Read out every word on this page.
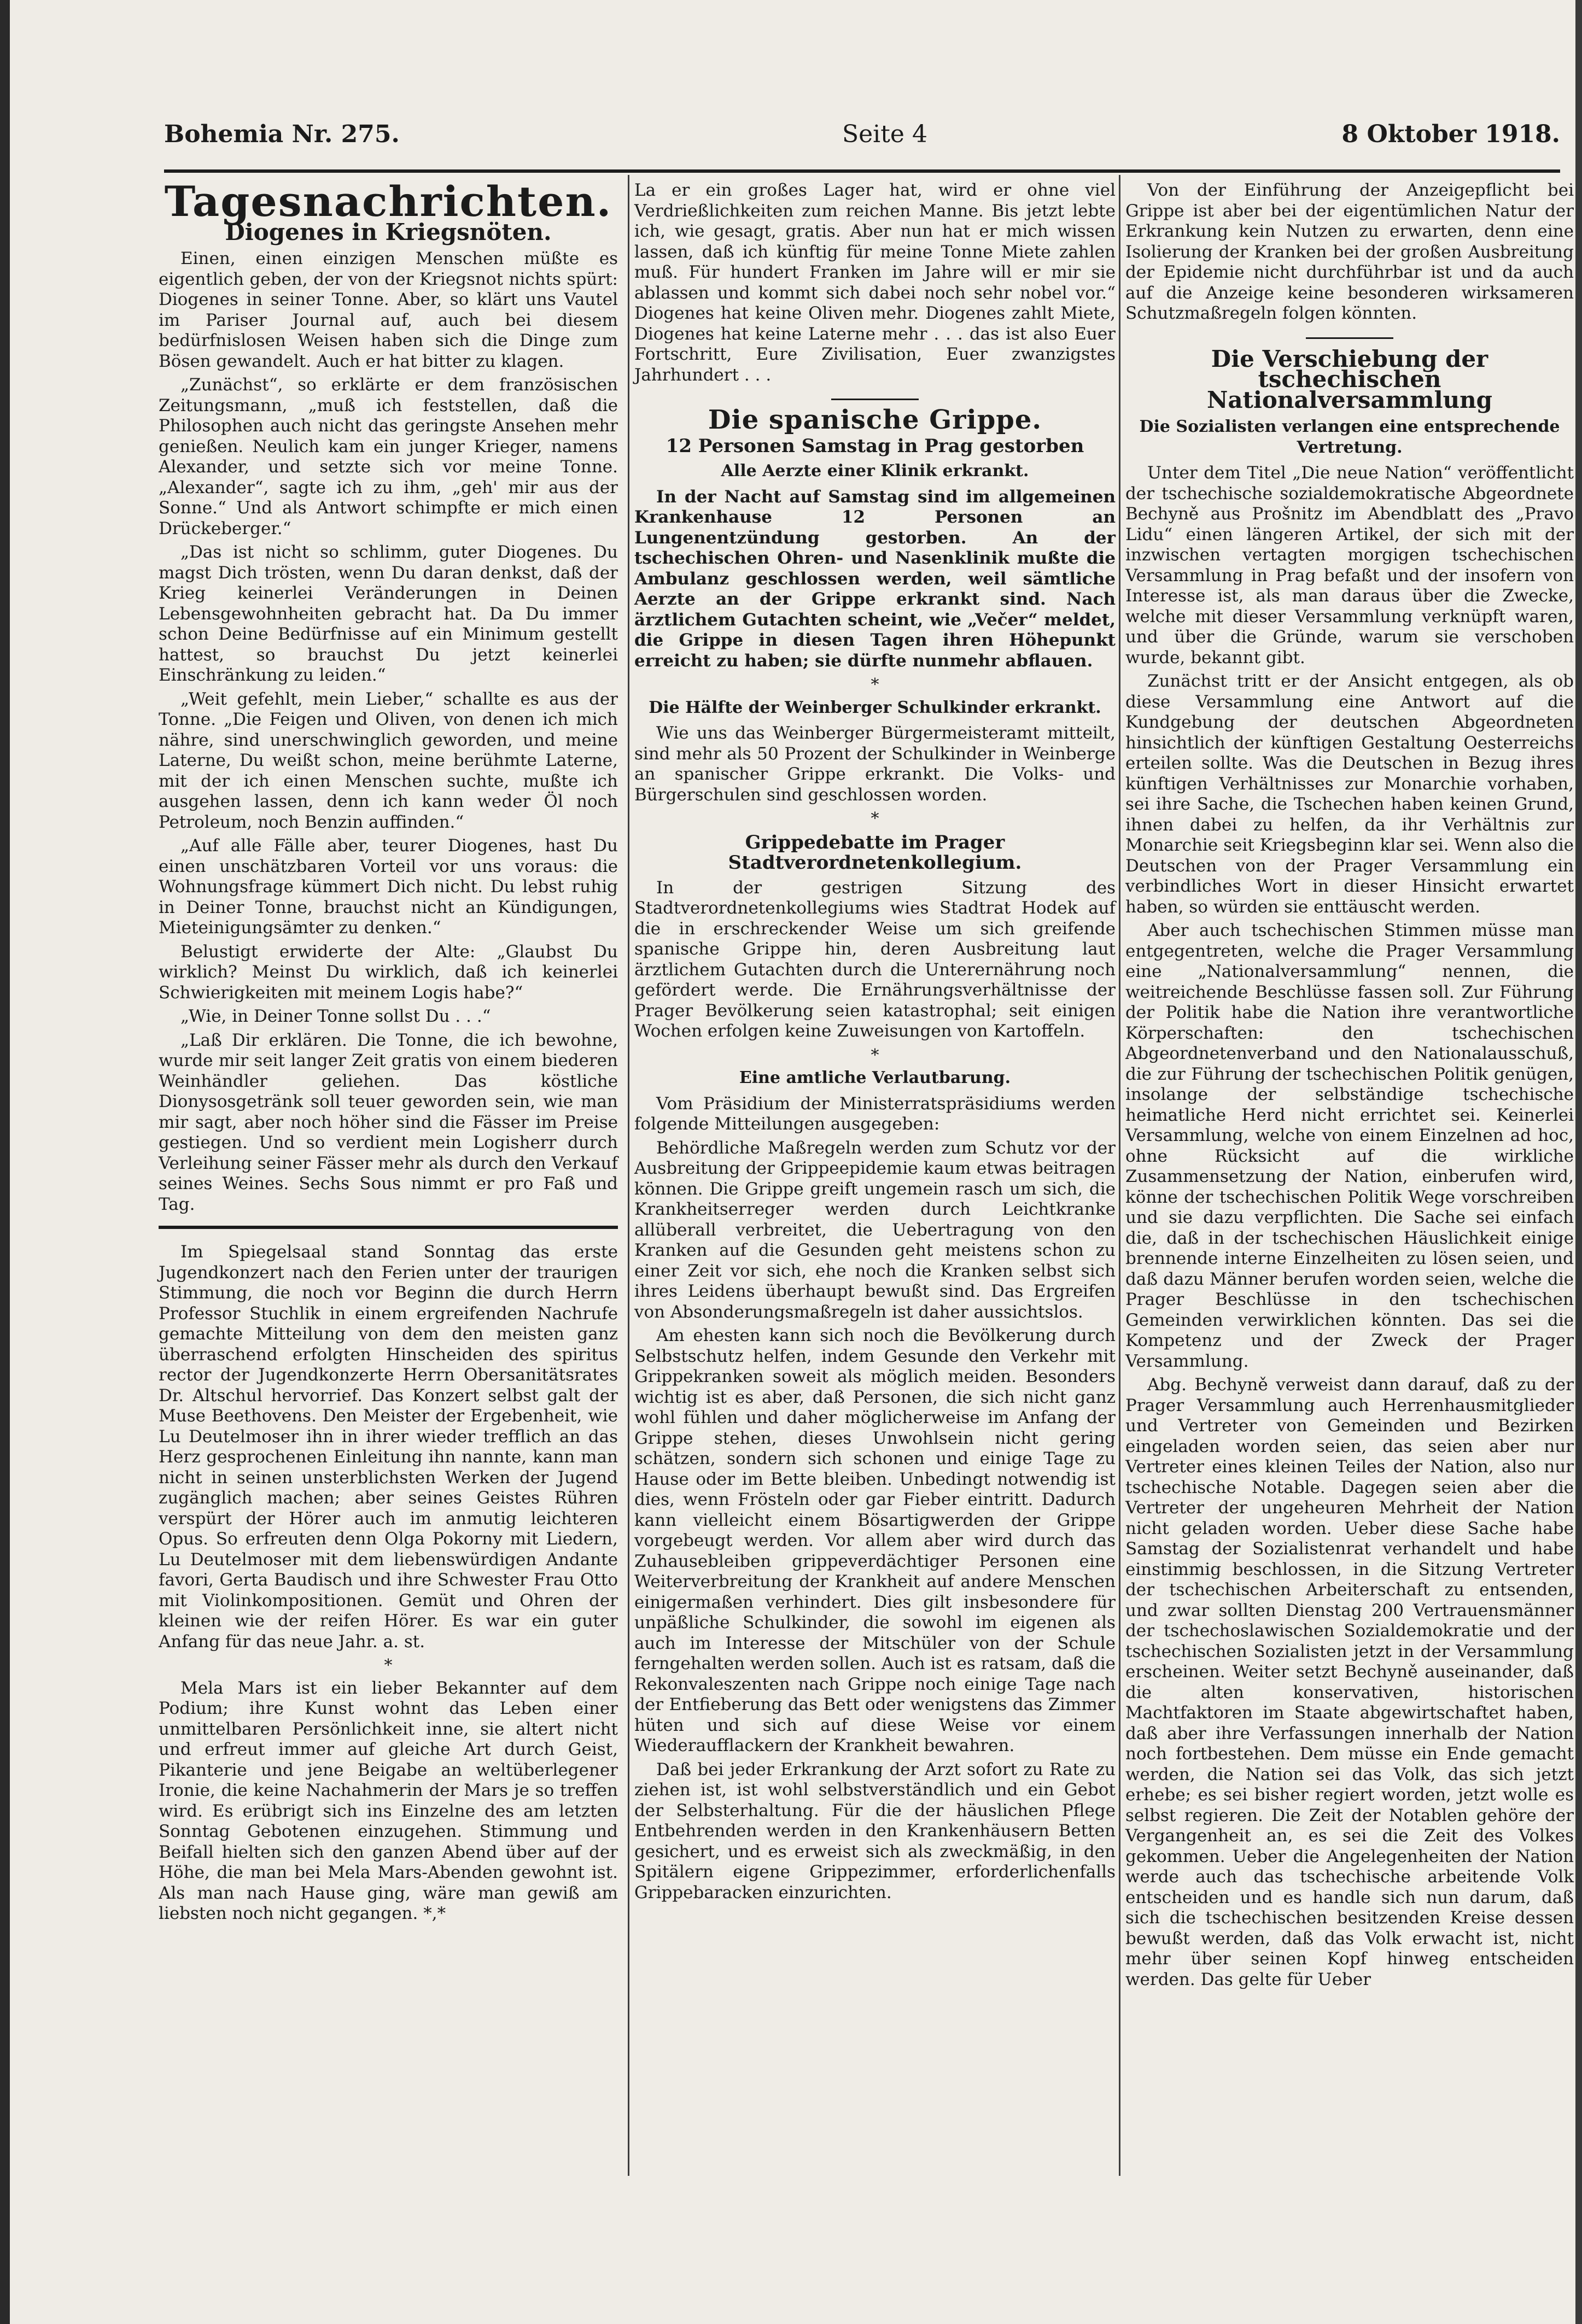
Bohemia Nr. 275.	Seite 4	8 Oktober 1918.
Tagesnachrichten.
Diogenes in Kriegsnöten.

Einen, einen einzigen Menschen müßte es eigentlich geben, der von der Kriegsnot nichts spürt: Diogenes in seiner Tonne. Aber, so klärt uns Vautel im Pariser Journal auf, auch bei diesem bedürfnislosen Weisen haben sich die Dinge zum Bösen gewandelt. Auch er hat bitter zu klagen.

„Zunächst“, so erklärte er dem französischen Zeitungsmann, „muß ich feststellen, daß die Philosophen auch nicht das geringste Ansehen mehr genießen. Neulich kam ein junger Krieger, namens Alexander, und setzte sich vor meine Tonne. „Alexander“, sagte ich zu ihm, „geh' mir aus der Sonne.“ Und als Antwort schimpfte er mich einen Drückeberger.“

„Das ist nicht so schlimm, guter Diogenes. Du magst Dich trösten, wenn Du daran denkst, daß der Krieg keinerlei Veränderungen in Deinen Lebensgewohnheiten gebracht hat. Da Du immer schon Deine Bedürfnisse auf ein Minimum gestellt hattest, so brauchst Du jetzt keinerlei Einschränkung zu leiden.“

„Weit gefehlt, mein Lieber,“ schallte es aus der Tonne. „Die Feigen und Oliven, von denen ich mich nähre, sind unerschwinglich geworden, und meine Laterne, Du weißt schon, meine berühmte Laterne, mit der ich einen Menschen suchte, mußte ich ausgehen lassen, denn ich kann weder Öl noch Petroleum, noch Benzin auffinden.“

„Auf alle Fälle aber, teurer Diogenes, hast Du einen unschätzbaren Vorteil vor uns voraus: die Wohnungsfrage kümmert Dich nicht. Du lebst ruhig in Deiner Tonne, brauchst nicht an Kündigungen, Mieteinigungsämter zu denken.“

Belustigt erwiderte der Alte: „Glaubst Du wirklich? Meinst Du wirklich, daß ich keinerlei Schwierigkeiten mit meinem Logis habe?“

„Wie, in Deiner Tonne sollst Du . . .“

„Laß Dir erklären. Die Tonne, die ich bewohne, wurde mir seit langer Zeit gratis von einem biederen Weinhändler geliehen. Das köstliche Dionysosgetränk soll teuer geworden sein, wie man mir sagt, aber noch höher sind die Fässer im Preise gestiegen. Und so verdient mein Logisherr durch Verleihung seiner Fässer mehr als durch den Verkauf seines Weines. Sechs Sous nimmt er pro Faß und Tag.

Im Spiegelsaal stand Sonntag das erste Jugendkonzert nach den Ferien unter der traurigen Stimmung, die noch vor Beginn die durch Herrn Professor Stuchlik in einem ergreifenden Nachrufe gemachte Mitteilung von dem den meisten ganz überraschend erfolgten Hinscheiden des spiritus rector der Jugendkonzerte Herrn Obersanitätsrates Dr. Altschul hervorrief. Das Konzert selbst galt der Muse Beethovens. Den Meister der Ergebenheit, wie Lu Deutelmoser ihn in ihrer wieder trefflich an das Herz gesprochenen Einleitung ihn nannte, kann man nicht in seinen unsterblichsten Werken der Jugend zugänglich machen; aber seines Geistes Rühren verspürt der Hörer auch im anmutig leichteren Opus. So erfreuten denn Olga Pokorny mit Liedern, Lu Deutelmoser mit dem liebenswürdigen Andante favori, Gerta Baudisch und ihre Schwester Frau Otto mit Violinkompositionen. Gemüt und Ohren der kleinen wie der reifen Hörer. Es war ein guter Anfang für das neue Jahr. a. st.

*

Mela Mars ist ein lieber Bekannter auf dem Podium; ihre Kunst wohnt das Leben einer unmittelbaren Persönlichkeit inne, sie altert nicht und erfreut immer auf gleiche Art durch Geist, Pikanterie und jene Beigabe an weltüberlegener Ironie, die keine Nachahmerin der Mars je so treffen wird. Es erübrigt sich ins Einzelne des am letzten Sonntag Gebotenen einzugehen. Stimmung und Beifall hielten sich den ganzen Abend über auf der Höhe, die man bei Mela Mars-Abenden gewohnt ist. Als man nach Hause ging, wäre man gewiß am liebsten noch nicht gegangen. *,*

La er ein großes Lager hat, wird er ohne viel Verdrießlichkeiten zum reichen Manne. Bis jetzt lebte ich, wie gesagt, gratis. Aber nun hat er mich wissen lassen, daß ich künftig für meine Tonne Miete zahlen muß. Für hundert Franken im Jahre will er mir sie ablassen und kommt sich dabei noch sehr nobel vor.“ Diogenes hat keine Oliven mehr. Diogenes zahlt Miete, Diogenes hat keine Laterne mehr . . . das ist also Euer Fortschritt, Eure Zivilisation, Euer zwanzigstes Jahrhundert . . .

Die spanische Grippe.
12 Personen Samstag in Prag gestorben
Alle Aerzte einer Klinik erkrankt.

In der Nacht auf Samstag sind im allgemeinen Krankenhause 12 Personen an Lungenentzündung gestorben. An der tschechischen Ohren- und Nasenklinik mußte die Ambulanz geschlossen werden, weil sämtliche Aerzte an der Grippe erkrankt sind. Nach ärztlichem Gutachten scheint, wie „Večer“ meldet, die Grippe in diesen Tagen ihren Höhepunkt erreicht zu haben; sie dürfte nunmehr abflauen.

*
Die Hälfte der Weinberger Schulkinder erkrankt.

Wie uns das Weinberger Bürgermeisteramt mitteilt, sind mehr als 50 Prozent der Schulkinder in Weinberge an spanischer Grippe erkrankt. Die Volks- und Bürgerschulen sind geschlossen worden.

*
Grippedebatte im Prager Stadtverordnetenkollegium.

In der gestrigen Sitzung des Stadtverordnetenkollegiums wies Stadtrat Hodek auf die in erschreckender Weise um sich greifende spanische Grippe hin, deren Ausbreitung laut ärztlichem Gutachten durch die Unterernährung noch gefördert werde. Die Ernährungsverhältnisse der Prager Bevölkerung seien katastrophal; seit einigen Wochen erfolgen keine Zuweisungen von Kartoffeln.

*
Eine amtliche Verlautbarung.

Vom Präsidium der Ministerratspräsidiums werden folgende Mitteilungen ausgegeben:

Behördliche Maßregeln werden zum Schutz vor der Ausbreitung der Grippeepidemie kaum etwas beitragen können. Die Grippe greift ungemein rasch um sich, die Krankheitserreger werden durch Leichtkranke allüberall verbreitet, die Uebertragung von den Kranken auf die Gesunden geht meistens schon zu einer Zeit vor sich, ehe noch die Kranken selbst sich ihres Leidens überhaupt bewußt sind. Das Ergreifen von Absonderungsmaßregeln ist daher aussichtslos.

Am ehesten kann sich noch die Bevölkerung durch Selbstschutz helfen, indem Gesunde den Verkehr mit Grippekranken soweit als möglich meiden. Besonders wichtig ist es aber, daß Personen, die sich nicht ganz wohl fühlen und daher möglicherweise im Anfang der Grippe stehen, dieses Unwohlsein nicht gering schätzen, sondern sich schonen und einige Tage zu Hause oder im Bette bleiben. Unbedingt notwendig ist dies, wenn Frösteln oder gar Fieber eintritt. Dadurch kann vielleicht einem Bösartigwerden der Grippe vorgebeugt werden. Vor allem aber wird durch das Zuhausebleiben grippeverdächtiger Personen eine Weiterverbreitung der Krankheit auf andere Menschen einigermaßen verhindert. Dies gilt insbesondere für unpäßliche Schulkinder, die sowohl im eigenen als auch im Interesse der Mitschüler von der Schule ferngehalten werden sollen. Auch ist es ratsam, daß die Rekonvaleszenten nach Grippe noch einige Tage nach der Entfieberung das Bett oder wenigstens das Zimmer hüten und sich auf diese Weise vor einem Wiederaufflackern der Krankheit bewahren.

Daß bei jeder Erkrankung der Arzt sofort zu Rate zu ziehen ist, ist wohl selbstverständlich und ein Gebot der Selbsterhaltung. Für die der häuslichen Pflege Entbehrenden werden in den Krankenhäusern Betten gesichert, und es erweist sich als zweckmäßig, in den Spitälern eigene Grippezimmer, erforderlichenfalls Grippebaracken einzurichten.

Von der Einführung der Anzeigepflicht bei Grippe ist aber bei der eigentümlichen Natur der Erkrankung kein Nutzen zu erwarten, denn eine Isolierung der Kranken bei der großen Ausbreitung der Epidemie nicht durchführbar ist und da auch auf die Anzeige keine besonderen wirksameren Schutzmaßregeln folgen könnten.

Die Verschiebung der tschechischen Nationalversammlung
Die Sozialisten verlangen eine entsprechende Vertretung.

Unter dem Titel „Die neue Nation“ veröffentlicht der tschechische sozialdemokratische Abgeordnete Bechyně aus Prošnitz im Abendblatt des „Pravo Lidu“ einen längeren Artikel, der sich mit der inzwischen vertagten morgigen tschechischen Versammlung in Prag befaßt und der insofern von Interesse ist, als man daraus über die Zwecke, welche mit dieser Versammlung verknüpft waren, und über die Gründe, warum sie verschoben wurde, bekannt gibt.

Zunächst tritt er der Ansicht entgegen, als ob diese Versammlung eine Antwort auf die Kundgebung der deutschen Abgeordneten hinsichtlich der künftigen Gestaltung Oesterreichs erteilen sollte. Was die Deutschen in Bezug ihres künftigen Verhältnisses zur Monarchie vorhaben, sei ihre Sache, die Tschechen haben keinen Grund, ihnen dabei zu helfen, da ihr Verhältnis zur Monarchie seit Kriegsbeginn klar sei. Wenn also die Deutschen von der Prager Versammlung ein verbindliches Wort in dieser Hinsicht erwartet haben, so würden sie enttäuscht werden.

Aber auch tschechischen Stimmen müsse man entgegentreten, welche die Prager Versammlung eine „Nationalversammlung“ nennen, die weitreichende Beschlüsse fassen soll. Zur Führung der Politik habe die Nation ihre verantwortliche Körperschaften: den tschechischen Abgeordnetenverband und den Nationalausschuß, die zur Führung der tschechischen Politik genügen, insolange der selbständige tschechische heimatliche Herd nicht errichtet sei. Keinerlei Versammlung, welche von einem Einzelnen ad hoc, ohne Rücksicht auf die wirkliche Zusammensetzung der Nation, einberufen wird, könne der tschechischen Politik Wege vorschreiben und sie dazu verpflichten. Die Sache sei einfach die, daß in der tschechischen Häuslichkeit einige brennende interne Einzelheiten zu lösen seien, und daß dazu Männer berufen worden seien, welche die Prager Beschlüsse in den tschechischen Gemeinden verwirklichen könnten. Das sei die Kompetenz und der Zweck der Prager Versammlung.

Abg. Bechyně verweist dann darauf, daß zu der Prager Versammlung auch Herrenhausmitglieder und Vertreter von Gemeinden und Bezirken eingeladen worden seien, das seien aber nur Vertreter eines kleinen Teiles der Nation, also nur tschechische Notable. Dagegen seien aber die Vertreter der ungeheuren Mehrheit der Nation nicht geladen worden. Ueber diese Sache habe Samstag der Sozialistenrat verhandelt und habe einstimmig beschlossen, in die Sitzung Vertreter der tschechischen Arbeiterschaft zu entsenden, und zwar sollten Dienstag 200 Vertrauensmänner der tschechoslawischen Sozialdemokratie und der tschechischen Sozialisten jetzt in der Versammlung erscheinen. Weiter setzt Bechyně auseinander, daß die alten konservativen, historischen Machtfaktoren im Staate abgewirtschaftet haben, daß aber ihre Verfassungen innerhalb der Nation noch fortbestehen. Dem müsse ein Ende gemacht werden, die Nation sei das Volk, das sich jetzt erhebe; es sei bisher regiert worden, jetzt wolle es selbst regieren. Die Zeit der Notablen gehöre der Vergangenheit an, es sei die Zeit des Volkes gekommen. Ueber die Angelegenheiten der Nation werde auch das tschechische arbeitende Volk entscheiden und es handle sich nun darum, daß sich die tschechischen besitzenden Kreise dessen bewußt werden, daß das Volk erwacht ist, nicht mehr über seinen Kopf hinweg entscheiden werden. Das gelte für Ueber
